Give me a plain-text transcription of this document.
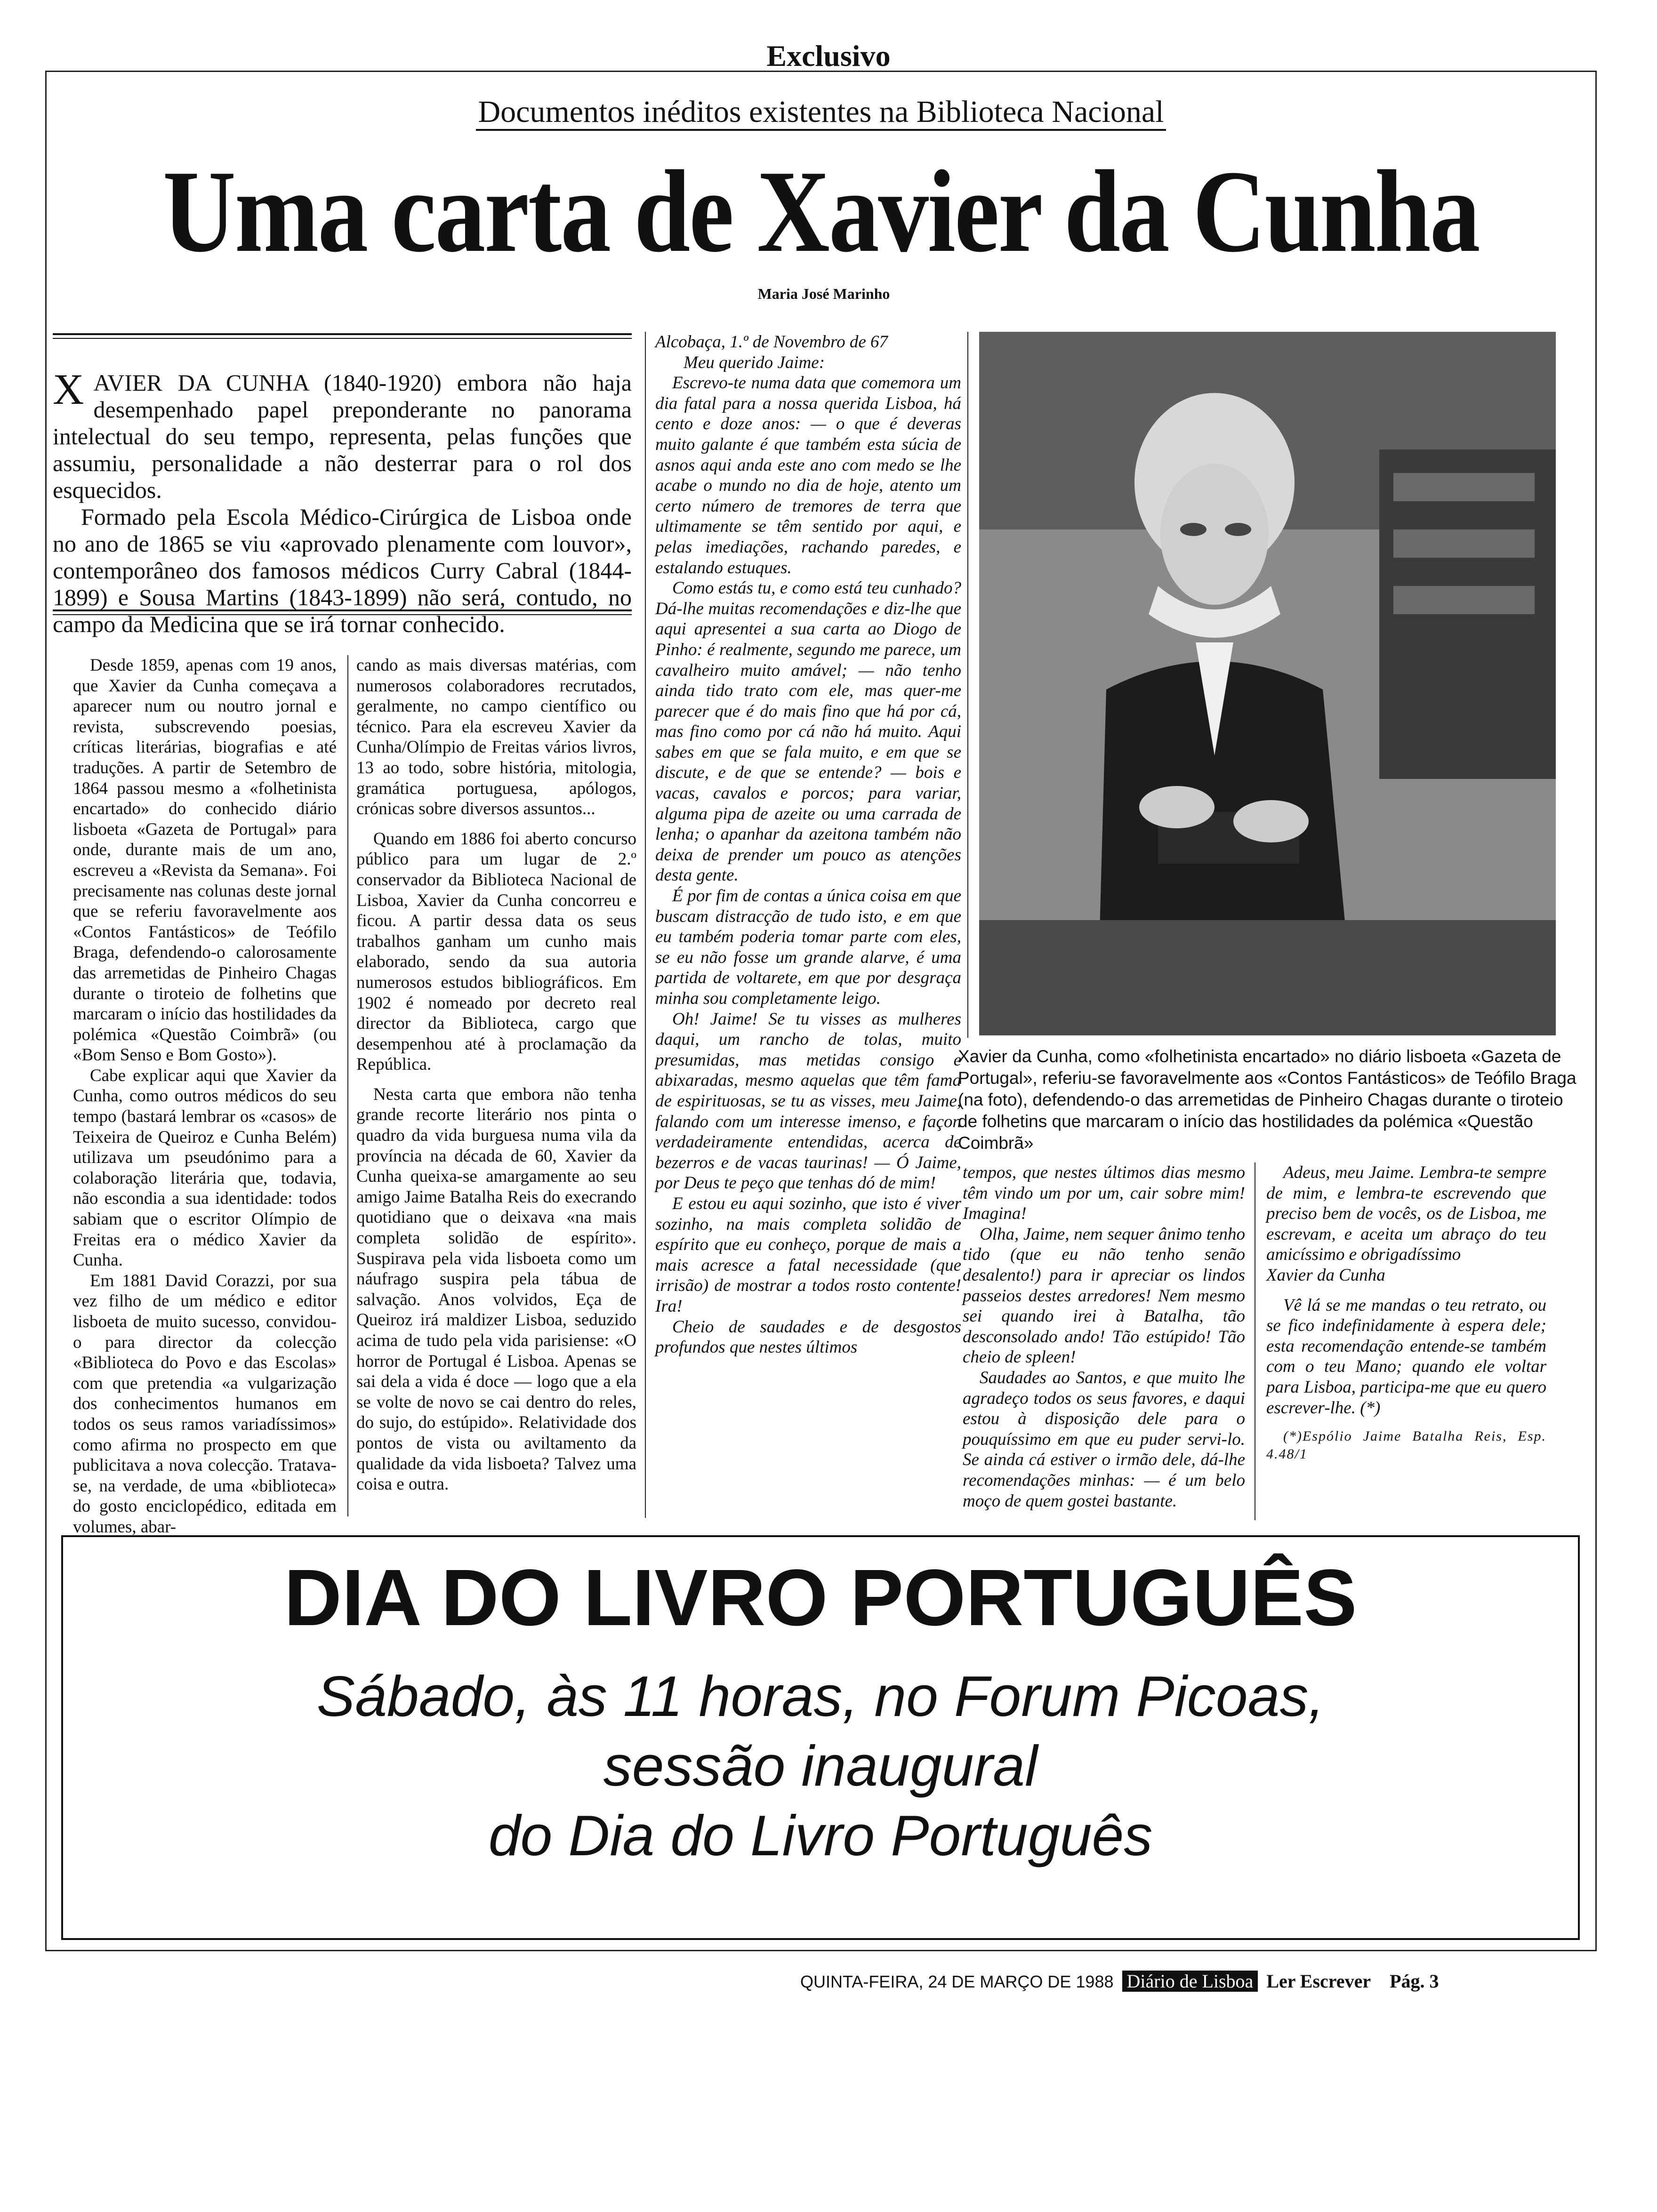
Exclusivo
Documentos inéditos existentes na Biblioteca Nacional
Uma carta de Xavier da Cunha
Maria José Marinho

XAVIER DA CUNHA (1840-1920) embora não haja desempenhado papel preponderante no panorama intelectual do seu tempo, representa, pelas funções que assumiu, personalidade a não desterrar para o rol dos esquecidos.

Formado pela Escola Médico-Cirúrgica de Lisboa onde no ano de 1865 se viu «aprovado plenamente com louvor», contemporâneo dos famosos médicos Curry Cabral (1844-1899) e Sousa Martins (1843-1899) não será, contudo, no campo da Medicina que se irá tornar conhecido.

Desde 1859, apenas com 19 anos, que Xavier da Cunha começava a aparecer num ou noutro jornal e revista, subscrevendo poesias, críticas literárias, biografias e até traduções. A partir de Setembro de 1864 passou mesmo a «folhetinista encartado» do conhecido diário lisboeta «Gazeta de Portugal» para onde, durante mais de um ano, escreveu a «Revista da Semana». Foi precisamente nas colunas deste jornal que se referiu favoravelmente aos «Contos Fantásticos» de Teófilo Braga, defendendo-o calorosamente das arremetidas de Pinheiro Chagas durante o tiroteio de folhetins que marcaram o início das hostilidades da polémica «Questão Coimbrã» (ou «Bom Senso e Bom Gosto»).

Cabe explicar aqui que Xavier da Cunha, como outros médicos do seu tempo (bastará lembrar os «casos» de Teixeira de Queiroz e Cunha Belém) utilizava um pseudónimo para a colaboração literária que, todavia, não escondia a sua identidade: todos sabiam que o escritor Olímpio de Freitas era o médico Xavier da Cunha.

Em 1881 David Corazzi, por sua vez filho de um médico e editor lisboeta de muito sucesso, convidou-o para director da colecção «Biblioteca do Povo e das Escolas» com que pretendia «a vulgarização dos conhecimentos humanos em todos os seus ramos variadíssimos» como afirma no prospecto em que publicitava a nova colecção. Tratava-se, na verdade, de uma «biblioteca» do gosto enciclopédico, editada em volumes, abar-

cando as mais diversas matérias, com numerosos colaboradores recrutados, geralmente, no campo científico ou técnico. Para ela escreveu Xavier da Cunha/Olímpio de Freitas vários livros, 13 ao todo, sobre história, mitologia, gramática portuguesa, apólogos, crónicas sobre diversos assuntos...

Quando em 1886 foi aberto concurso público para um lugar de 2.º conservador da Biblioteca Nacional de Lisboa, Xavier da Cunha concorreu e ficou. A partir dessa data os seus trabalhos ganham um cunho mais elaborado, sendo da sua autoria numerosos estudos bibliográficos. Em 1902 é nomeado por decreto real director da Biblioteca, cargo que desempenhou até à proclamação da República.

Nesta carta que embora não tenha grande recorte literário nos pinta o quadro da vida burguesa numa vila da província na década de 60, Xavier da Cunha queixa-se amargamente ao seu amigo Jaime Batalha Reis do execrando quotidiano que o deixava «na mais completa solidão de espírito». Suspirava pela vida lisboeta como um náufrago suspira pela tábua de salvação. Anos volvidos, Eça de Queiroz irá maldizer Lisboa, seduzido acima de tudo pela vida parisiense: «O horror de Portugal é Lisboa. Apenas se sai dela a vida é doce — logo que a ela se volte de novo se cai dentro do reles, do sujo, do estúpido». Relatividade dos pontos de vista ou aviltamento da qualidade da vida lisboeta? Talvez uma coisa e outra.

Alcobaça, 1.º de Novembro de 67

Meu querido Jaime:

Escrevo-te numa data que comemora um dia fatal para a nossa querida Lisboa, há cento e doze anos: — o que é deveras muito galante é que também esta súcia de asnos aqui anda este ano com medo se lhe acabe o mundo no dia de hoje, atento um certo número de tremores de terra que ultimamente se têm sentido por aqui, e pelas imediações, rachando paredes, e estalando estuques.

Como estás tu, e como está teu cunhado? Dá-lhe muitas recomendações e diz-lhe que aqui apresentei a sua carta ao Diogo de Pinho: é realmente, segundo me parece, um cavalheiro muito amável; — não tenho ainda tido trato com ele, mas quer-me parecer que é do mais fino que há por cá, mas fino como por cá não há muito. Aqui sabes em que se fala muito, e em que se discute, e de que se entende? — bois e vacas, cavalos e porcos; para variar, alguma pipa de azeite ou uma carrada de lenha; o apanhar da azeitona também não deixa de prender um pouco as atenções desta gente.

É por fim de contas a única coisa em que buscam distracção de tudo isto, e em que eu também poderia tomar parte com eles, se eu não fosse um grande alarve, é uma partida de voltarete, em que por desgraça minha sou completamente leigo.

Oh! Jaime! Se tu visses as mulheres daqui, um rancho de tolas, muito presumidas, mas metidas consigo e abixaradas, mesmo aquelas que têm fama de espirituosas, se tu as visses, meu Jaime, falando com um interesse imenso, e façon verdadeiramente entendidas, acerca de bezerros e de vacas taurinas! — Ó Jaime, por Deus te peço que tenhas dó de mim!

E estou eu aqui sozinho, que isto é viver sozinho, na mais completa solidão de espírito que eu conheço, porque de mais a mais acresce a fatal necessidade (que irrisão) de mostrar a todos rosto contente! Ira!

Cheio de saudades e de desgostos profundos que nestes últimos

Xavier da Cunha, como «folhetinista encartado» no diário lisboeta «Gazeta de Portugal», referiu-se favoravelmente aos «Contos Fantásticos» de Teófilo Braga (na foto), defendendo-o das arremetidas de Pinheiro Chagas durante o tiroteio de folhetins que marcaram o início das hostilidades da polémica «Questão Coimbrã»

tempos, que nestes últimos dias mesmo têm vindo um por um, cair sobre mim! Imagina!

Olha, Jaime, nem sequer ânimo tenho tido (que eu não tenho senão desalento!) para ir apreciar os lindos passeios destes arredores! Nem mesmo sei quando irei à Batalha, tão desconsolado ando! Tão estúpido! Tão cheio de spleen!

Saudades ao Santos, e que muito lhe agradeço todos os seus favores, e daqui estou à disposição dele para o pouquíssimo em que eu puder servi-lo. Se ainda cá estiver o irmão dele, dá-lhe recomendações minhas: — é um belo moço de quem gostei bastante.

Adeus, meu Jaime. Lembra-te sempre de mim, e lembra-te escrevendo que preciso bem de vocês, os de Lisboa, me escrevam, e aceita um abraço do teu amicíssimo e obrigadíssimo

Xavier da Cunha

Vê lá se me mandas o teu retrato, ou se fico indefinidamente à espera dele; esta recomendação entende-se também com o teu Mano; quando ele voltar para Lisboa, participa-me que eu quero escrever-lhe. (*)

(*)Espólio Jaime Batalha Reis, Esp. 4.48/1

DIA DO LIVRO PORTUGUÊS
Sábado, às 11 horas, no Forum Picoas,
sessão inaugural
do Dia do Livro Português
QUINTA-FEIRA, 24 DE MARÇO DE 1988 Diário de Lisboa Ler Escrever Pág. 3
